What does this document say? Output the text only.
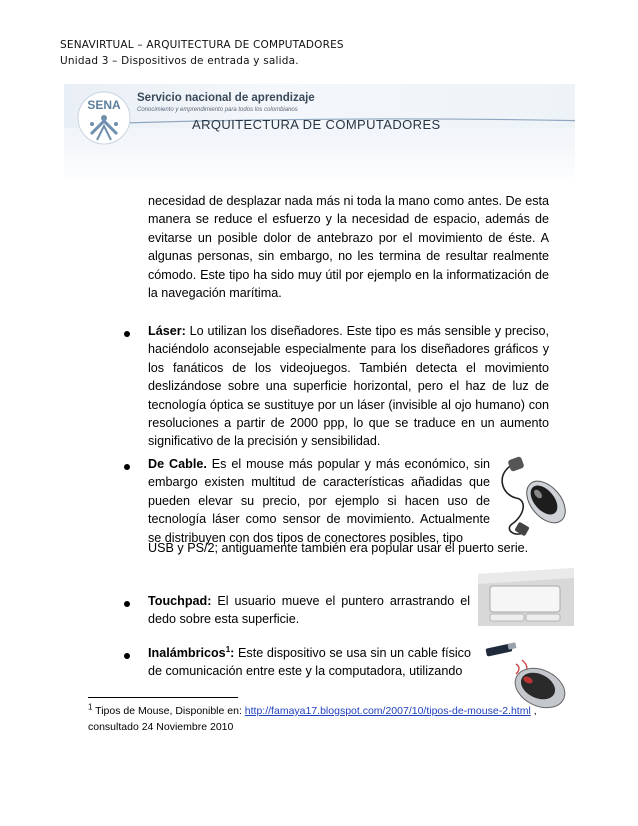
SENAVIRTUAL – ARQUITECTURA DE COMPUTADORES
Unidad 3 – Dispositivos de entrada y salida.
SENA Servicio nacional de aprendizaje
Conocimiento y emprendimiento para todos los colombianos
ARQUITECTURA DE COMPUTADORES
necesidad de desplazar nada más ni toda la mano como antes. De esta manera se reduce el esfuerzo y la necesidad de espacio, además de evitarse un posible dolor de antebrazo por el movimiento de éste. A algunas personas, sin embargo, no les termina de resultar realmente cómodo. Este tipo ha sido muy útil por ejemplo en la informatización de la navegación marítima.
Láser: Lo utilizan los diseñadores. Este tipo es más sensible y preciso, haciéndolo aconsejable especialmente para los diseñadores gráficos y los fanáticos de los videojuegos. También detecta el movimiento deslizándose sobre una superficie horizontal, pero el haz de luz de tecnología óptica se sustituye por un láser (invisible al ojo humano) con resoluciones a partir de 2000 ppp, lo que se traduce en un aumento significativo de la precisión y sensibilidad.
De Cable. Es el mouse más popular y más económico, sin embargo existen multitud de características añadidas que pueden elevar su precio, por ejemplo si hacen uso de tecnología láser como sensor de movimiento. Actualmente se distribuyen con dos tipos de conectores posibles, tipo
USB y PS/2; antiguamente también era popular usar el puerto serie.
Touchpad: El usuario mueve el puntero arrastrando el dedo sobre esta superficie.
Inalámbricos$^1$: Este dispositivo se usa sin un cable físico de comunicación entre este y la computadora, utilizando
$^1$ Tipos de Mouse, Disponible en: http://famaya17.blogspot.com/2007/10/tipos-de-mouse-2.html ,
consultado 24 Noviembre 2010
